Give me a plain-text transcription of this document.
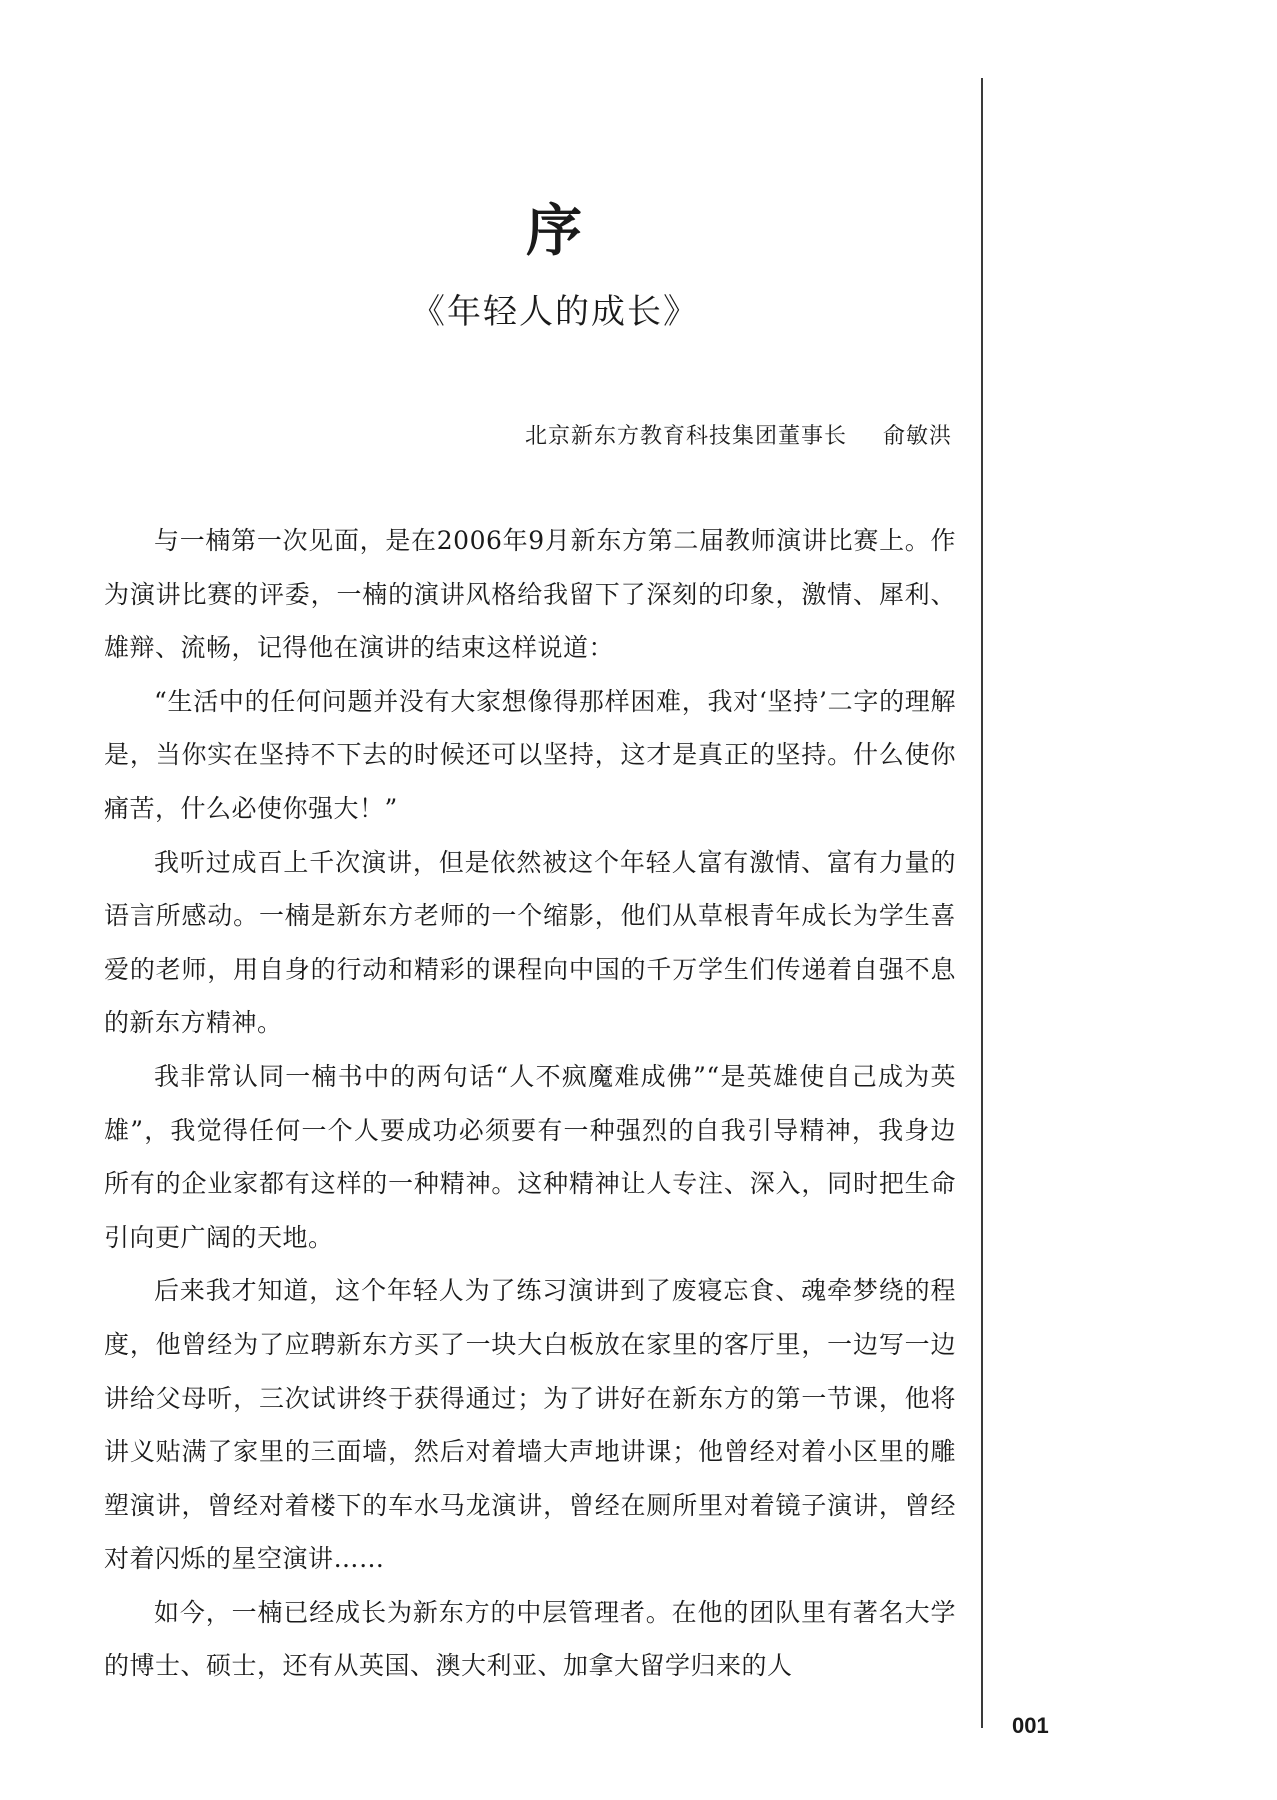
序
《年轻人的成长》
北京新东方教育科技集团董事长 俞敏洪

与一楠第一次见面，是在2006年9月新东方第二届教师演讲比赛上。作为演讲比赛的评委，一楠的演讲风格给我留下了深刻的印象，激情、犀利、雄辩、流畅，记得他在演讲的结束这样说道：

“生活中的任何问题并没有大家想像得那样困难，我对‘坚持’二字的理解是，当你实在坚持不下去的时候还可以坚持，这才是真正的坚持。什么使你痛苦，什么必使你强大！”

我听过成百上千次演讲，但是依然被这个年轻人富有激情、富有力量的语言所感动。一楠是新东方老师的一个缩影，他们从草根青年成长为学生喜爱的老师，用自身的行动和精彩的课程向中国的千万学生们传递着自强不息的新东方精神。

我非常认同一楠书中的两句话“人不疯魔难成佛”“是英雄使自己成为英雄”，我觉得任何一个人要成功必须要有一种强烈的自我引导精神，我身边所有的企业家都有这样的一种精神。这种精神让人专注、深入，同时把生命引向更广阔的天地。

后来我才知道，这个年轻人为了练习演讲到了废寝忘食、魂牵梦绕的程度，他曾经为了应聘新东方买了一块大白板放在家里的客厅里，一边写一边讲给父母听，三次试讲终于获得通过；为了讲好在新东方的第一节课，他将讲义贴满了家里的三面墙，然后对着墙大声地讲课；他曾经对着小区里的雕塑演讲，曾经对着楼下的车水马龙演讲，曾经在厕所里对着镜子演讲，曾经对着闪烁的星空演讲……

如今，一楠已经成长为新东方的中层管理者。在他的团队里有著名大学的博士、硕士，还有从英国、澳大利亚、加拿大留学归来的人

001
